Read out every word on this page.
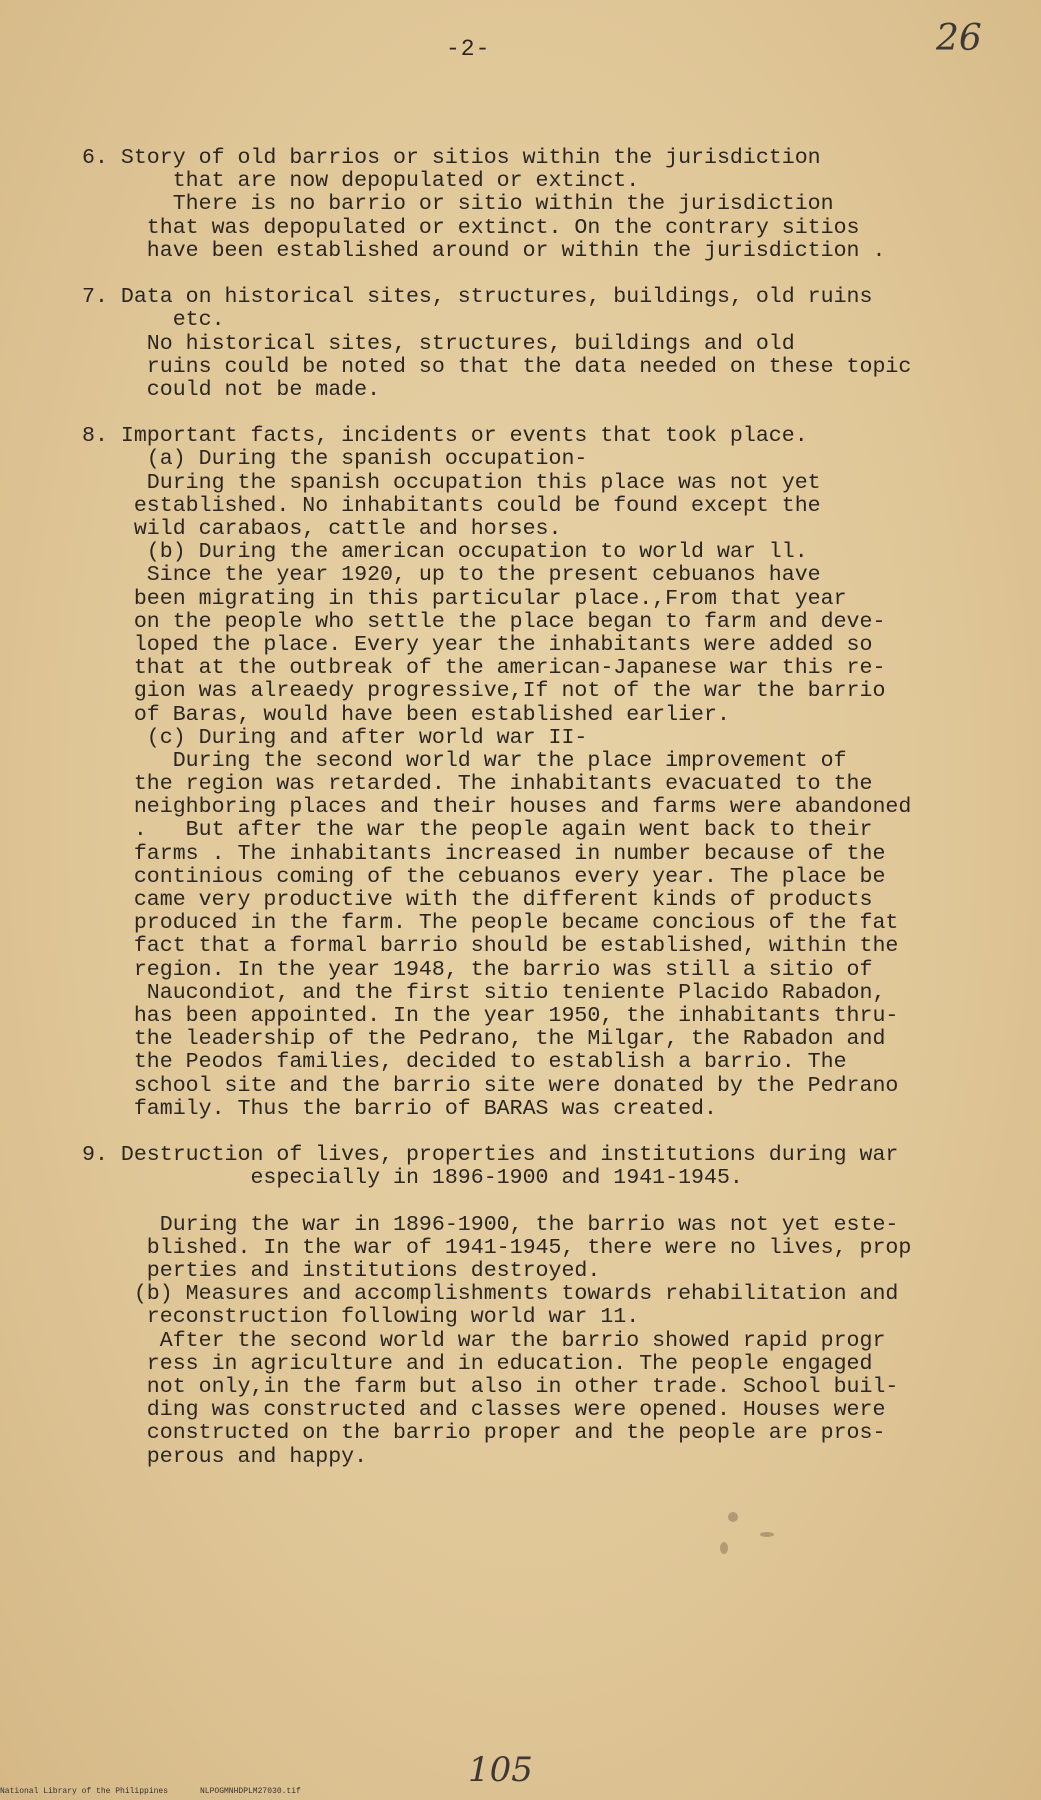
-2-	26
6. Story of old barrios or sitios within the jurisdiction
that are now depopulated or extinct.
There is no barrio or sitio within the jurisdiction
that was depopulated or extinct. On the contrary sitios
have been established around or within the jurisdiction .
7. Data on historical sites, structures, buildings, old ruins
etc.
No historical sites, structures, buildings and old
ruins could be noted so that the data needed on these topic
could not be made.
8. Important facts, incidents or events that took place.
(a) During the spanish occupation-
During the spanish occupation this place was not yet
established. No inhabitants could be found except the
wild carabaos, cattle and horses.
(b) During the american occupation to world war ll.
Since the year 1920, up to the present cebuanos have
been migrating in this particular place.,From that year
on the people who settle the place began to farm and deve-
loped the place. Every year the inhabitants were added so
that at the outbreak of the american-Japanese war this re-
gion was alreaedy progressive,If not of the war the barrio
of Baras, would have been established earlier.
(c) During and after world war II-
During the second world war the place improvement of
the region was retarded. The inhabitants evacuated to the
neighboring places and their houses and farms were abandoned
.   But after the war the people again went back to their
farms . The inhabitants increased in number because of the
continious coming of the cebuanos every year. The place be
came very productive with the different kinds of products
produced in the farm. The people became concious of the fat
fact that a formal barrio should be established, within the
region. In the year 1948, the barrio was still a sitio of
Naucondiot, and the first sitio teniente Placido Rabadon,
has been appointed. In the year 1950, the inhabitants thru-
the leadership of the Pedrano, the Milgar, the Rabadon and
the Peodos families, decided to establish a barrio. The
school site and the barrio site were donated by the Pedrano
family. Thus the barrio of BARAS was created.
9. Destruction of lives, properties and institutions during war
especially in 1896-1900 and 1941-1945.
During the war in 1896-1900, the barrio was not yet este-
blished. In the war of 1941-1945, there were no lives, prop
perties and institutions destroyed.
(b) Measures and accomplishments towards rehabilitation and
reconstruction following world war 11.
After the second world war the barrio showed rapid progr
ress in agriculture and in education. The people engaged
not only,in the farm but also in other trade. School buil-
ding was constructed and classes were opened. Houses were
constructed on the barrio proper and the people are pros-
perous and happy.
105

National Library of the Philippines

	NLPOGMNHDPLM27030.tif
